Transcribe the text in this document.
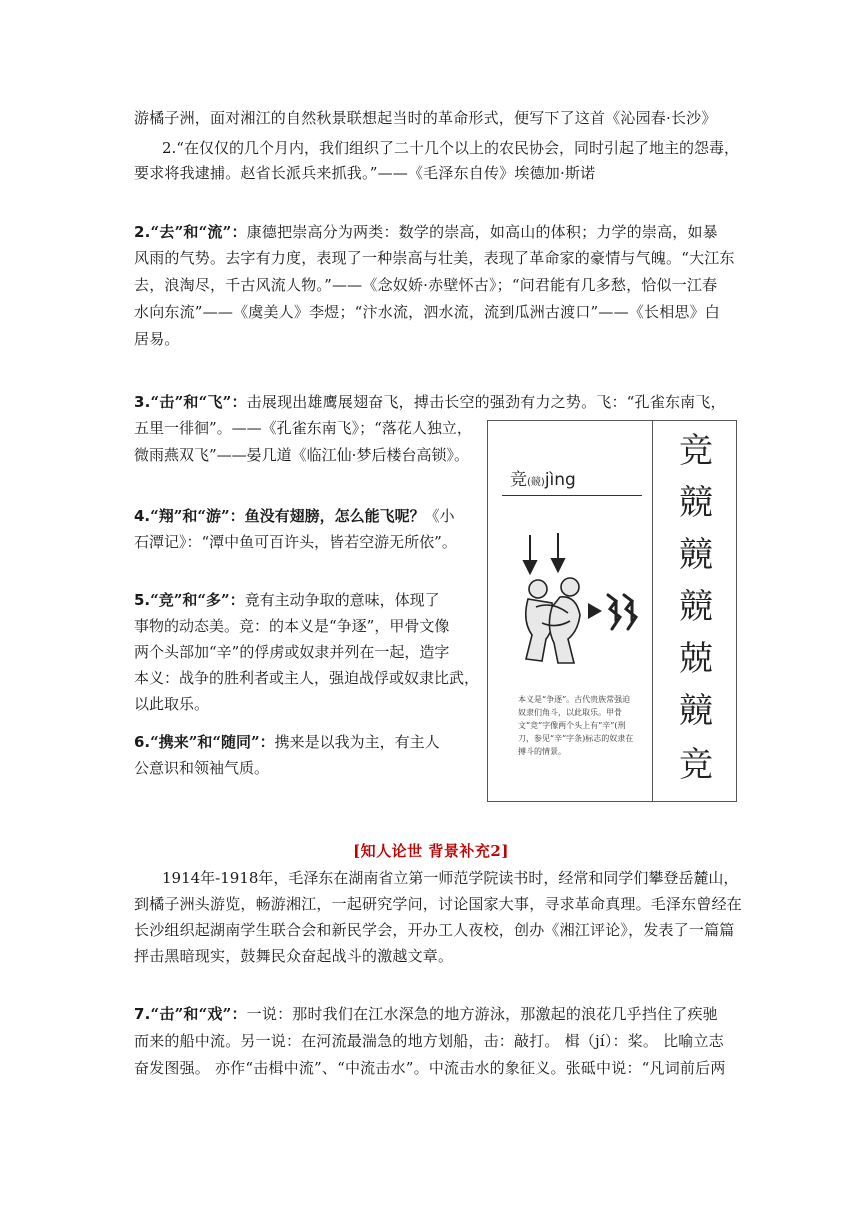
游橘子洲，面对湘江的自然秋景联想起当时的革命形式，便写下了这首《沁园春·长沙》
2.“在仅仅的几个月内，我们组织了二十几个以上的农民协会，同时引起了地主的怨毒，
要求将我逮捕。赵省长派兵来抓我。”——《毛泽东自传》埃德加·斯诺
2.“去”和“流”：康德把崇高分为两类：数学的崇高，如高山的体积；力学的崇高，如暴
风雨的气势。去字有力度，表现了一种崇高与壮美，表现了革命家的豪情与气魄。“大江东
去，浪淘尽，千古风流人物。”——《念奴娇·赤壁怀古》；“问君能有几多愁，恰似一江春
水向东流”——《虞美人》李煜；“汴水流，泗水流，流到瓜洲古渡口”——《长相思》白
居易。
3.“击”和“飞”：击展现出雄鹰展翅奋飞，搏击长空的强劲有力之势。飞：“孔雀东南飞，
五里一徘徊”。——《孔雀东南飞》；“落花人独立，
微雨燕双飞”——晏几道《临江仙·梦后楼台高锁》。
4.“翔”和“游”：鱼没有翅膀，怎么能飞呢？《小
石潭记》：“潭中鱼可百许头，皆若空游无所依”。
5.“竞”和“多”：竟有主动争取的意味，体现了
事物的动态美。竞：的本义是“争逐”，甲骨文像
两个头部加“辛”的俘虏或奴隶并列在一起，造字
本义：战争的胜利者或主人，强迫战俘或奴隶比武，
以此取乐。
6.“携来”和“随同”：携来是以我为主，有主人
公意识和领袖气质。
竞(競)jìng
本义是“争逐”。古代贵族常强迫奴隶们角斗，以此取乐。甲骨文“竞”字像两个头上有“辛”(刑刀，参见“辛”字条)标志的奴隶在搏斗的情景。
竞
競
竸
競
兢
竸
竞
[知人论世 背景补充2]
1914年-1918年，毛泽东在湖南省立第一师范学院读书时，经常和同学们攀登岳麓山，
到橘子洲头游览，畅游湘江，一起研究学问，讨论国家大事，寻求革命真理。毛泽东曾经在
长沙组织起湖南学生联合会和新民学会，开办工人夜校，创办《湘江评论》，发表了一篇篇
抨击黑暗现实，鼓舞民众奋起战斗的激越文章。
7.“击”和“戏”：一说：那时我们在江水深急的地方游泳，那激起的浪花几乎挡住了疾驰
而来的船中流。另一说：在河流最湍急的地方划船，击：敲打。 楫（jí）：桨。 比喻立志
奋发图强。 亦作“击楫中流”、“中流击水”。中流击水的象征义。张砥中说：“凡词前后两
